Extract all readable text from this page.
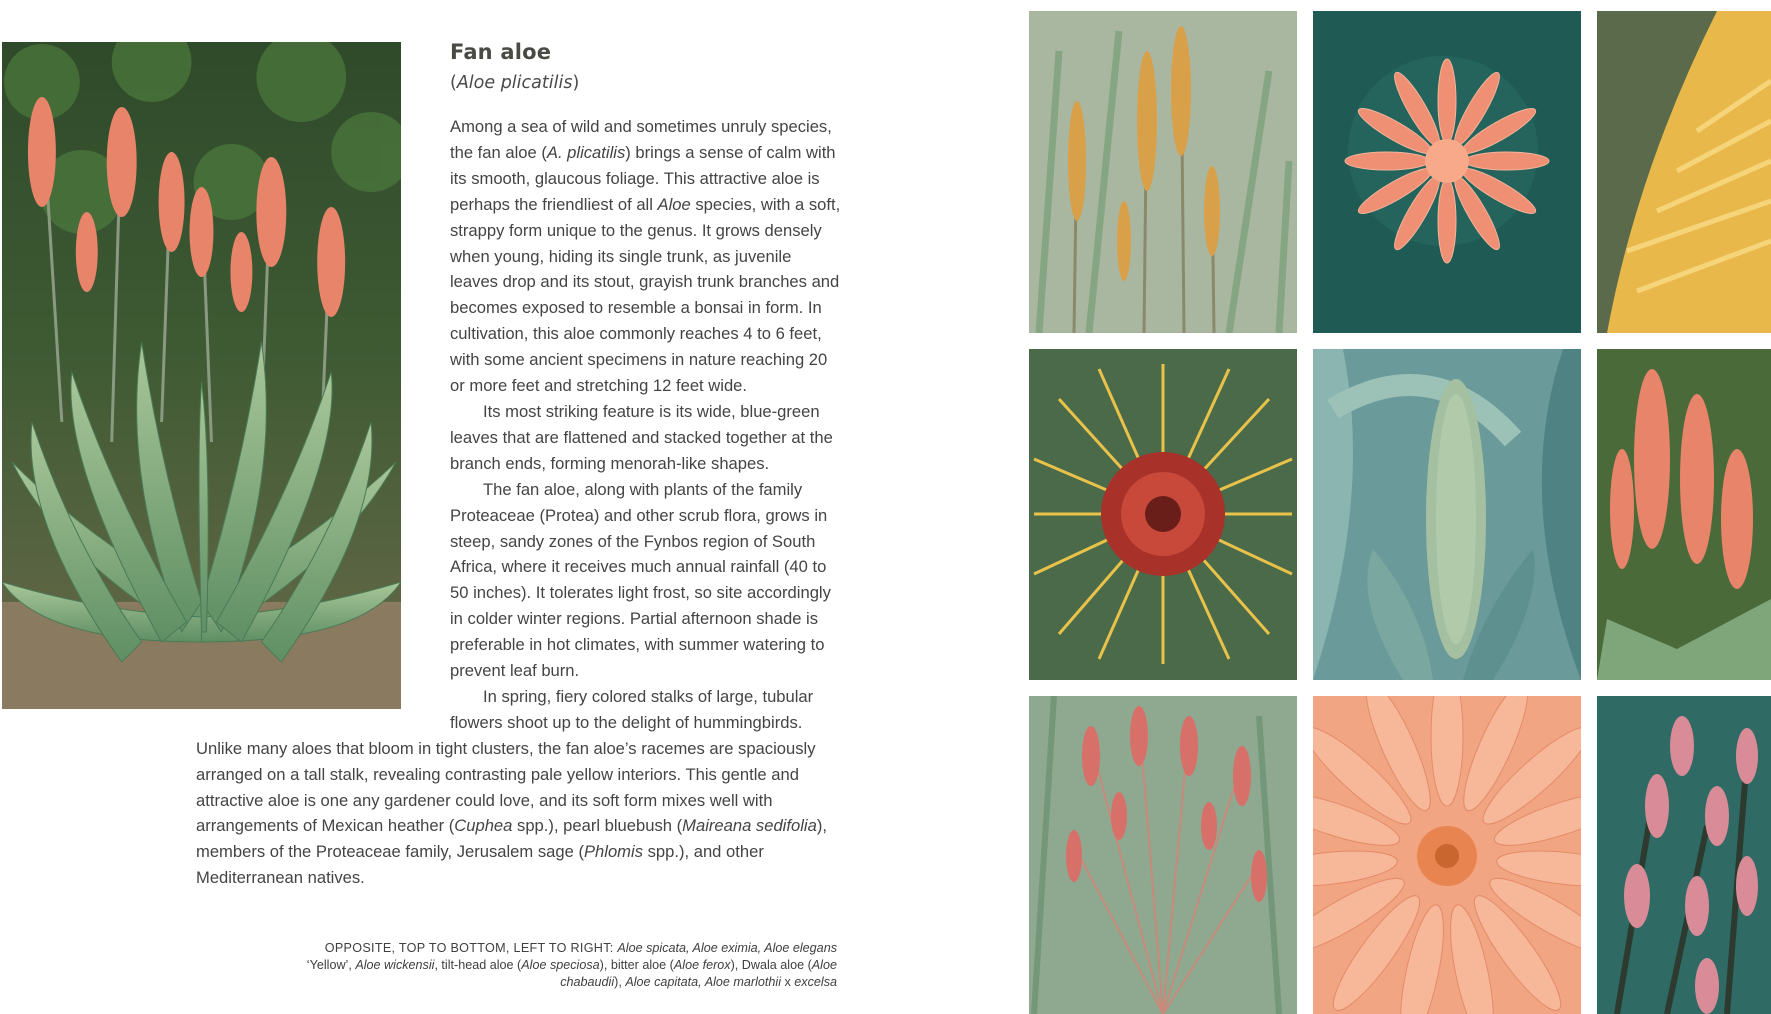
Fan aloe
(Aloe plicatilis)

Among a sea of wild and sometimes unruly species, the fan aloe (A. plicatilis) brings a sense of calm with its smooth, glaucous foliage. This attractive aloe is perhaps the friendliest of all Aloe species, with a soft, strappy form unique to the genus. It grows densely when young, hiding its single trunk, as juvenile leaves drop and its stout, grayish trunk branches and becomes exposed to resemble a bonsai in form. In cultivation, this aloe commonly reaches 4 to 6 feet, with some ancient specimens in nature reaching 20 or more feet and stretching 12 feet wide.

Its most striking feature is its wide, blue-green leaves that are flattened and stacked together at the branch ends, forming menorah-like shapes.

The fan aloe, along with plants of the family Proteaceae (Protea) and other scrub flora, grows in steep, sandy zones of the Fynbos region of South Africa, where it receives much annual rainfall (40 to 50 inches). It tolerates light frost, so site accordingly in colder winter regions. Partial afternoon shade is preferable in hot climates, with summer watering to prevent leaf burn.

In spring, fiery colored stalks of large, tubular flowers shoot up to the delight of hummingbirds. Unlike many aloes that bloom in tight clusters, the fan aloe’s racemes are spaciously arranged on a tall stalk, revealing contrasting pale yellow interiors. This gentle and attractive aloe is one any gardener could love, and its soft form mixes well with arrangements of Mexican heather (Cuphea spp.), pearl bluebush (Maireana sedifolia), members of the Proteaceae family, Jerusalem sage (Phlomis spp.), and other Mediterranean natives.

OPPOSITE, TOP TO BOTTOM, LEFT TO RIGHT: Aloe spicata, Aloe eximia, Aloe elegans ‘Yellow’, Aloe wickensii, tilt-head aloe (Aloe speciosa), bitter aloe (Aloe ferox), Dwala aloe (Aloe chabaudii), Aloe capitata, Aloe marlothii x excelsa
